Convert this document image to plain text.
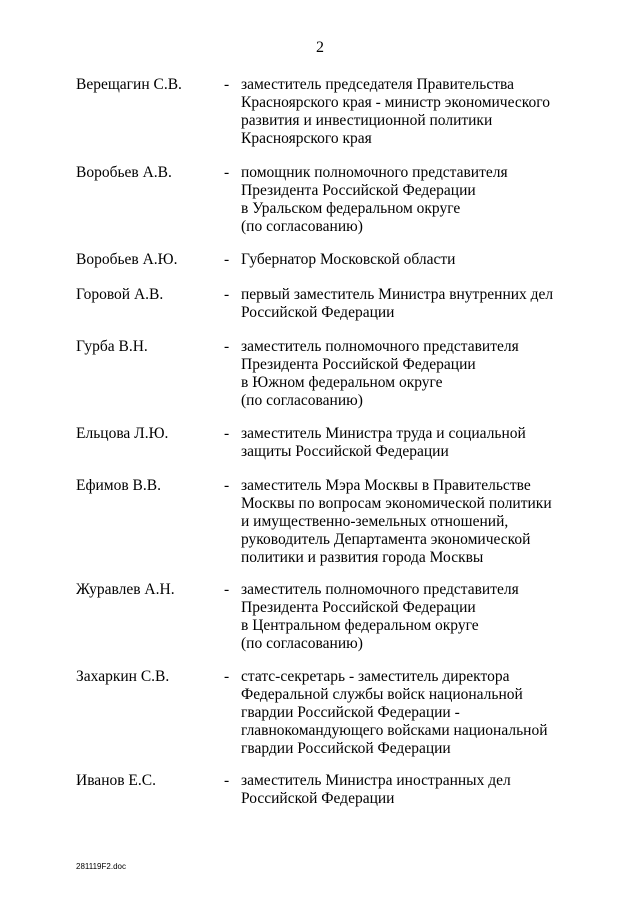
2
Верещагин С.В.	- заместитель председателя Правительства
Красноярского края - министр экономического
развития и инвестиционной политики
Красноярского края
Воробьев А.В.	- помощник полномочного представителя
Президента Российской Федерации
в Уральском федеральном округе
(по согласованию)
Воробьев А.Ю.	- Губернатор Московской области
Горовой А.В.	- первый заместитель Министра внутренних дел
Российской Федерации
Гурба В.Н.	- заместитель полномочного представителя
Президента Российской Федерации
в Южном федеральном округе
(по согласованию)
Ельцова Л.Ю.	- заместитель Министра труда и социальной
защиты Российской Федерации
Ефимов В.В.	- заместитель Мэра Москвы в Правительстве
Москвы по вопросам экономической политики
и имущественно-земельных отношений,
руководитель Департамента экономической
политики и развития города Москвы
Журавлев А.Н.	- заместитель полномочного представителя
Президента Российской Федерации
в Центральном федеральном округе
(по согласованию)
Захаркин С.В.	- статс-секретарь - заместитель директора
Федеральной службы войск национальной
гвардии Российской Федерации -
главнокомандующего войсками национальной
гвардии Российской Федерации
Иванов Е.С.	- заместитель Министра иностранных дел
Российской Федерации
281119F2.doc
